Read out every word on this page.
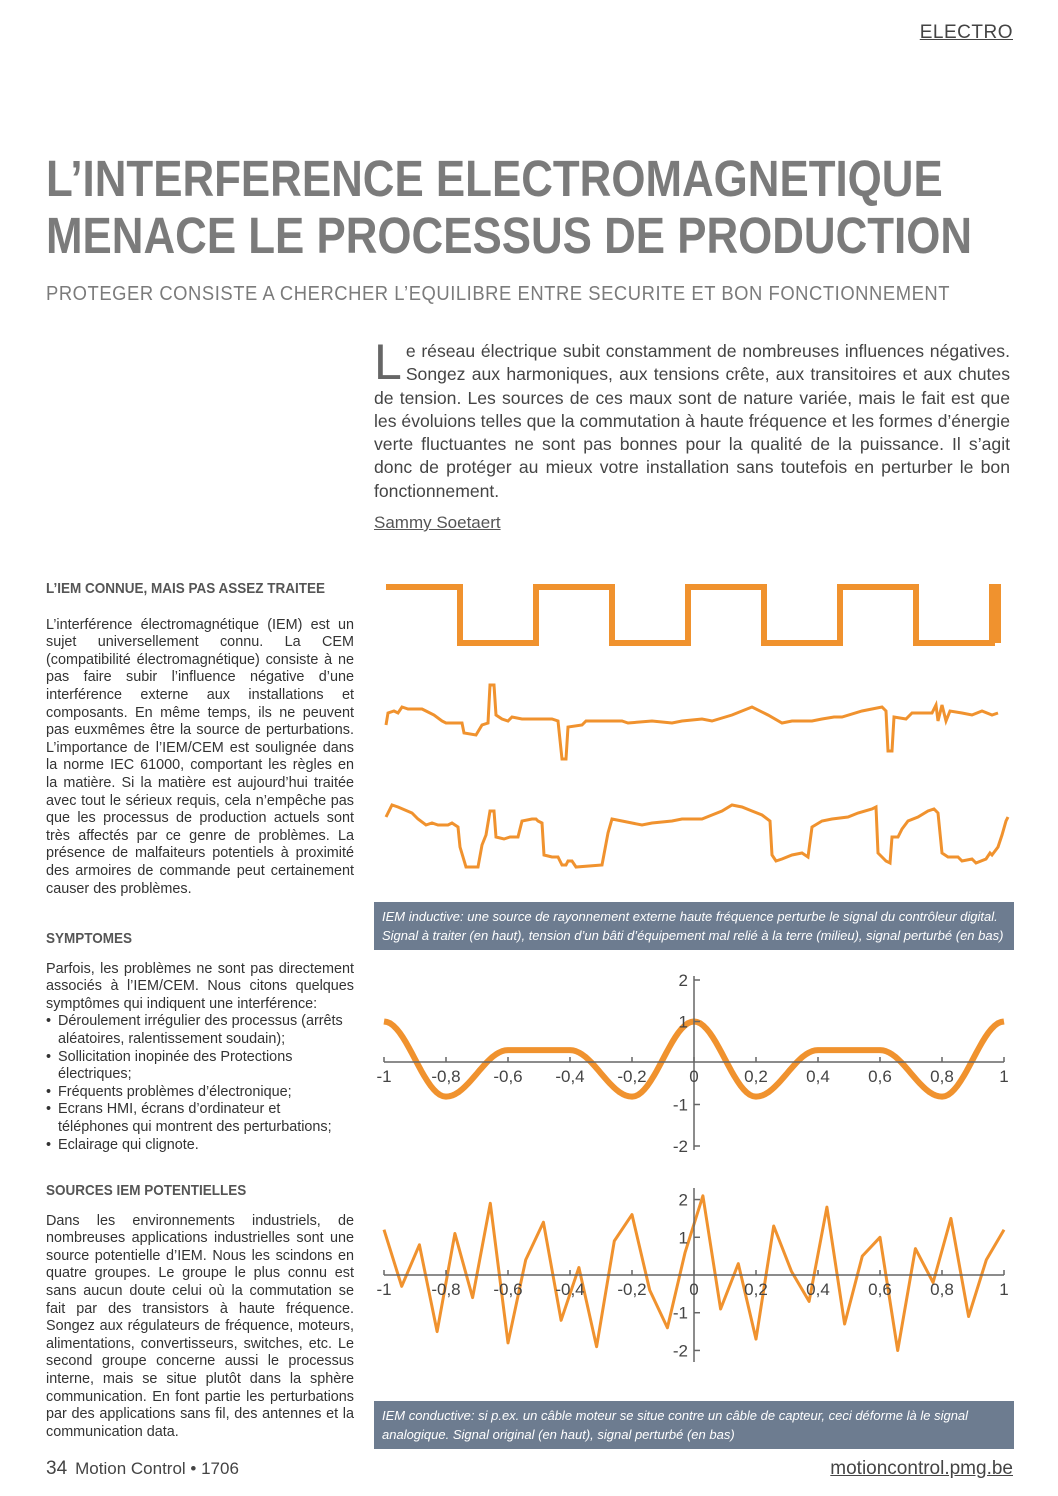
ELECTRO
L’INTERFERENCE ELECTROMAGNETIQUE
MENACE LE PROCESSUS DE PRODUCTION
PROTEGER CONSISTE A CHERCHER L’EQUILIBRE ENTRE SECURITE ET BON FONCTIONNEMENT
Le réseau électrique subit constamment de nombreuses influences négatives. Songez aux harmoniques, aux tensions crête, aux transitoires et aux chutes de tension. Les sources de ces maux sont de nature variée, mais le fait est que les évoluions telles que la commutation à haute fréquence et les formes d’énergie verte fluctuantes ne sont pas bonnes pour la qualité de la puissance. Il s’agit donc de protéger au mieux votre installation sans toutefois en perturber le bon fonctionnement.
Sammy Soetaert
L’IEM CONNUE, MAIS PAS ASSEZ TRAITEE

L’interférence électromagnétique (IEM) est un sujet universellement connu. La CEM (compatibilité électromagnétique) consiste à ne pas faire subir l’influence négative d’une interférence externe aux installations et composants. En même temps, ils ne peuvent pas euxmêmes être la source de perturbations. L’importance de l’IEM/CEM est soulignée dans la norme IEC 61000, comportant les règles en la matière. Si la matière est aujourd’hui traitée avec tout le sérieux requis, cela n’empêche pas que les processus de production actuels sont très affectés par ce genre de problèmes. La présence de malfaiteurs potentiels à proximité des armoires de commande peut certainement causer des problèmes.

SYMPTOMES

Parfois, les problèmes ne sont pas directement associés à l’IEM/CEM. Nous citons quelques symptômes qui indiquent une interférence:

• Déroulement irrégulier des processus (arrêts aléatoires, ralentissement soudain);
• Sollicitation inopinée des Protections électriques;
• Fréquents problèmes d’électronique;
• Ecrans HMI, écrans d’ordinateur et téléphones qui montrent des perturbations;
• Eclairage qui clignote.
SOURCES IEM POTENTIELLES

Dans les environnements industriels, de nombreuses applications industrielles sont une source potentielle d’IEM. Nous les scindons en quatre groupes. Le groupe le plus connu est sans aucun doute celui où la commutation se fait par des transistors à haute fréquence. Songez aux régulateurs de fréquence, moteurs, alimentations, convertisseurs, switches, etc. Le second groupe concerne aussi le processus interne, mais se situe plutôt dans la sphère communication. En font partie les perturbations par des applications sans fil, des antennes et la communication data.

IEM inductive: une source de rayonnement externe haute fréquence perturbe le signal du contrôleur digital. Signal à traiter (en haut), tension d’un bâti d’équipement mal relié à la terre (milieu), signal perturbé (en bas)
-1 -0,8 -0,6 -0,4 -0,2	0	0,2 0,4 0,6 0,8	1
2
1
-1
-2
-1 -0,8 -0,6 -0,4 -0,2	0	0,2 0,4 0,6 0,8	1
2
1
-1
-2
IEM conductive: si p.ex. un câble moteur se situe contre un câble de capteur, ceci déforme là le signal analogique. Signal original (en haut), signal perturbé (en bas)
34 Motion Control • 1706	motioncontrol.pmg.be
